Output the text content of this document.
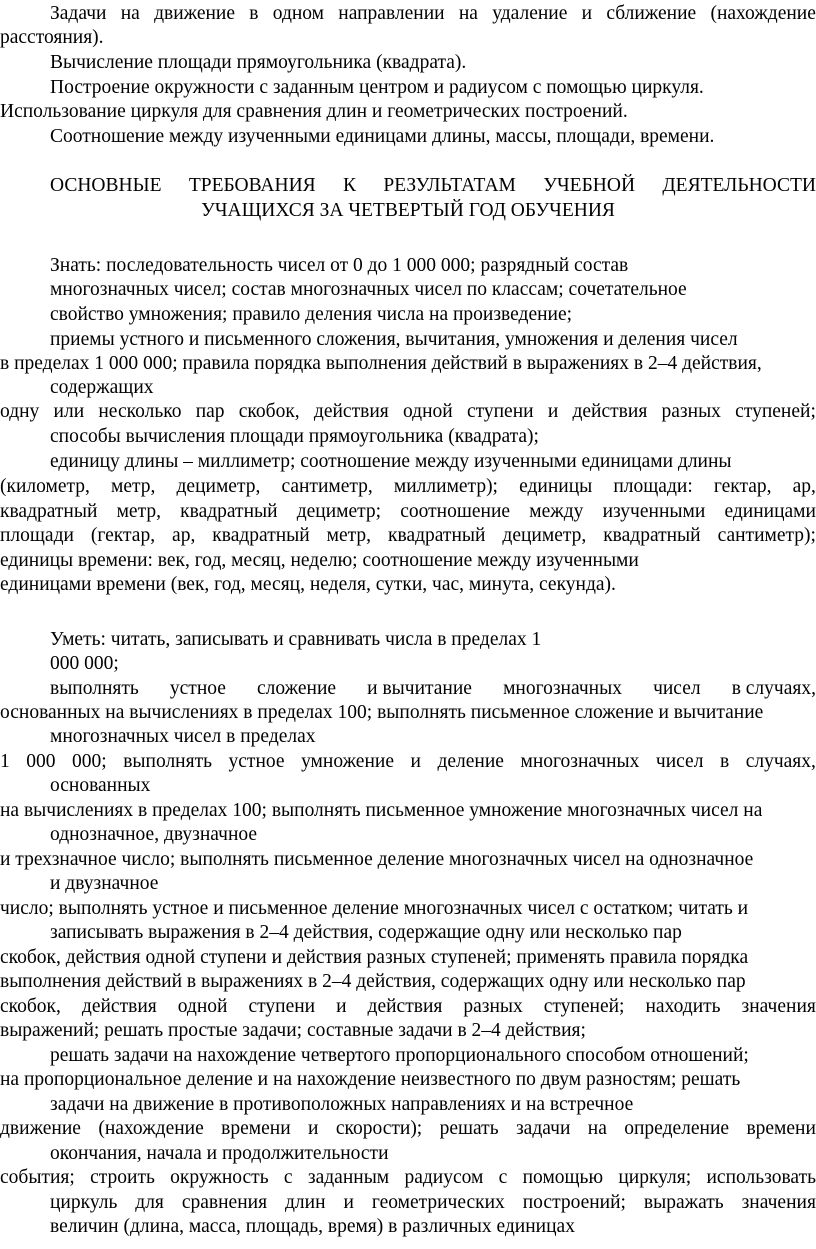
Задачи на движение в одном направлении на удаление и сближение (нахождение

расстояния).

Вычисление площади прямоугольника (квадрата).

Построение окружности с заданным центром и радиусом с помощью циркуля.

Использование циркуля для сравнения длин и геометрических построений.

Соотношение между изученными единицами длины, массы, площади, времени.

ОСНОВНЫЕ ТРЕБОВАНИЯ К РЕЗУЛЬТАТАМ УЧЕБНОЙ ДЕЯТЕЛЬНОСТИ

УЧАЩИХСЯ ЗА ЧЕТВЕРТЫЙ ГОД ОБУЧЕНИЯ

Знать: последовательность чисел от 0 до 1 000 000; разрядный состав

многозначных чисел; состав многозначных чисел по классам; сочетательное

свойство умножения; правило деления числа на произведение;

приемы устного и письменного сложения, вычитания, умножения и деления чисел

в пределах 1 000 000; правила порядка выполнения действий в выражениях в 2–4 действия,

содержащих

одну или несколько пар скобок, действия одной ступени и действия разных ступеней;

способы вычисления площади прямоугольника (квадрата);

единицу длины – миллиметр; соотношение между изученными единицами длины

(километр, метр, дециметр, сантиметр, миллиметр); единицы площади: гектар, ар,

квадратный метр, квадратный дециметр; соотношение между изученными единицами

площади (гектар, ар, квадратный метр, квадратный дециметр, квадратный сантиметр);

единицы времени: век, год, месяц, неделю; соотношение между изученными

единицами времени (век, год, месяц, неделя, сутки, час, минута, секунда).

Уметь: читать, записывать и сравнивать числа в пределах 1

000 000;

выполнять устное сложение и вычитание многозначных чисел в случаях,

основанных на вычислениях в пределах 100; выполнять письменное сложение и вычитание

многозначных чисел в пределах

1 000 000; выполнять устное умножение и деление многозначных чисел в случаях,

основанных

на вычислениях в пределах 100; выполнять письменное умножение многозначных чисел на

однозначное, двузначное

и трехзначное число; выполнять письменное деление многозначных чисел на однозначное

и двузначное

число; выполнять устное и письменное деление многозначных чисел с остатком; читать и

записывать выражения в 2–4 действия, содержащие одну или несколько пар

скобок, действия одной ступени и действия разных ступеней; применять правила порядка

выполнения действий в выражениях в 2–4 действия, содержащих одну или несколько пар

скобок, действия одной ступени и действия разных ступеней; находить значения

выражений; решать простые задачи; составные задачи в 2–4 действия;

решать задачи на нахождение четвертого пропорционального способом отношений;

на пропорциональное деление и на нахождение неизвестного по двум разностям; решать

задачи на движение в противоположных направлениях и на встречное

движение (нахождение времени и скорости); решать задачи на определение времени

окончания, начала и продолжительности

события; строить окружность с заданным радиусом с помощью циркуля; использовать

циркуль для сравнения длин и геометрических построений; выражать значения

величин (длина, масса, площадь, время) в различных единицах
